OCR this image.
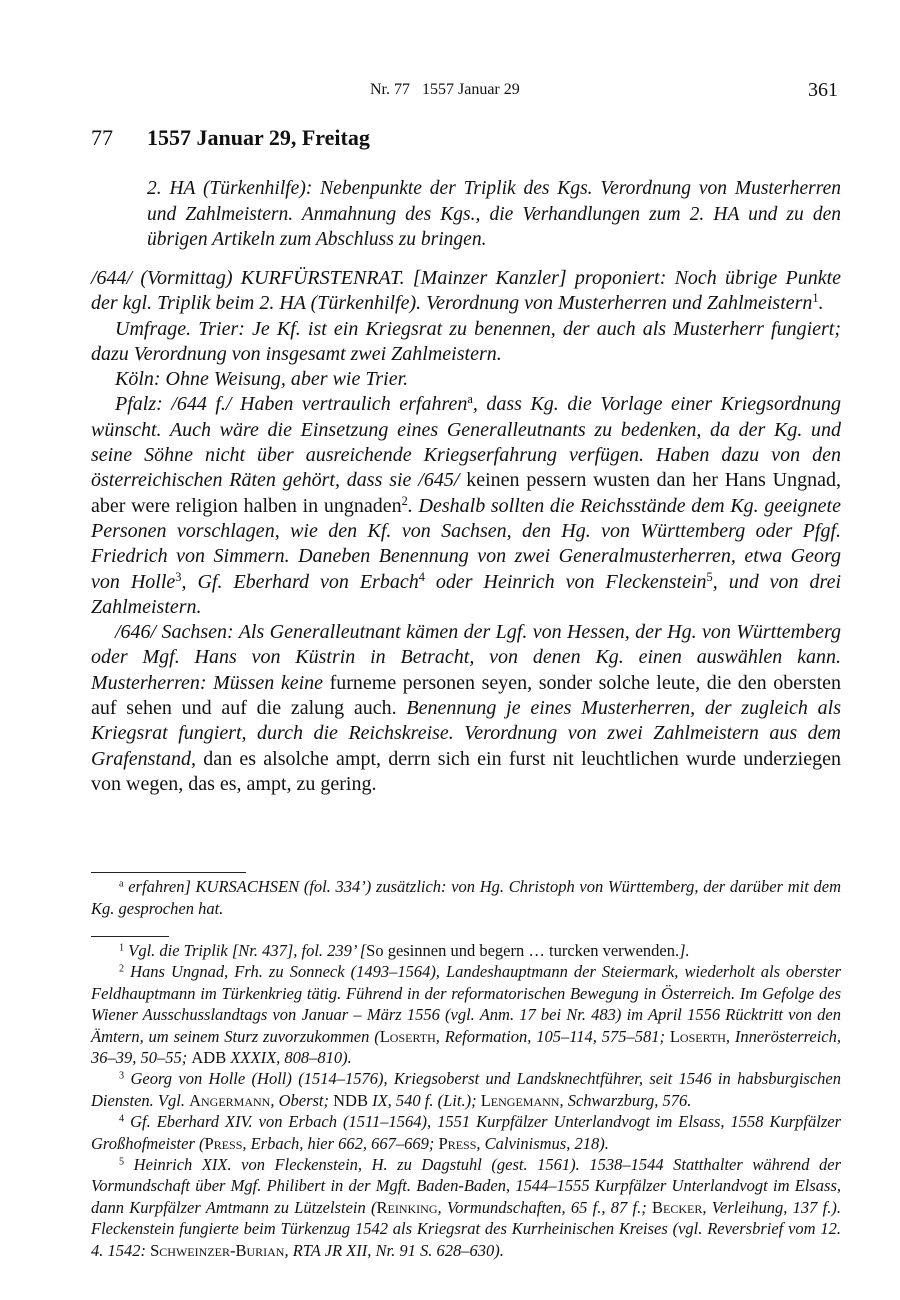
Nr. 77 1557 Januar 29	361
77 1557 Januar 29, Freitag
2. HA (Türkenhilfe): Nebenpunkte der Triplik des Kgs. Verordnung von Musterherren und Zahlmeistern. Anmahnung des Kgs., die Verhandlungen zum 2. HA und zu den übrigen Artikeln zum Abschluss zu bringen.

/644/ (Vormittag) KURFÜRSTENRAT. [Mainzer Kanzler] proponiert: Noch übrige Punkte der kgl. Triplik beim 2. HA (Türkenhilfe). Verordnung von Musterherren und Zahlmeistern$^1$.

Umfrage. Trier: Je Kf. ist ein Kriegsrat zu benennen, der auch als Musterherr fungiert; dazu Verordnung von insgesamt zwei Zahlmeistern.

Köln: Ohne Weisung, aber wie Trier.

Pfalz: /644 f./ Haben vertraulich erfahren$^a$, dass Kg. die Vorlage einer Kriegsordnung wünscht. Auch wäre die Einsetzung eines Generalleutnants zu bedenken, da der Kg. und seine Söhne nicht über ausreichende Kriegserfahrung verfügen. Haben dazu von den österreichischen Räten gehört, dass sie /645/ keinen pessern wusten dan her Hans Ungnad, aber were religion halben in ungnaden$^2$. Deshalb sollten die Reichsstände dem Kg. geeignete Personen vorschlagen, wie den Kf. von Sachsen, den Hg. von Württemberg oder Pfgf. Friedrich von Simmern. Daneben Benennung von zwei Generalmusterherren, etwa Georg von Holle$^3$, Gf. Eberhard von Erbach$^4$ oder Heinrich von Fleckenstein$^5$, und von drei Zahlmeistern.

/646/ Sachsen: Als Generalleutnant kämen der Lgf. von Hessen, der Hg. von Württemberg oder Mgf. Hans von Küstrin in Betracht, von denen Kg. einen auswählen kann. Musterherren: Müssen keine furneme personen seyen, sonder solche leute, die den obersten auf sehen und auf die zalung auch. Benennung je eines Musterherren, der zugleich als Kriegsrat fungiert, durch die Reichskreise. Verordnung von zwei Zahlmeistern aus dem Grafenstand, dan es alsolche ampt, derrn sich ein furst nit leuchtlichen wurde underziegen von wegen, das es, ampt, zu gering.

$^a$ erfahren] KURSACHSEN (fol. 334’) zusätzlich: von Hg. Christoph von Württemberg, der darüber mit dem Kg. gesprochen hat.

$^1$ Vgl. die Triplik [Nr. 437], fol. 239’ [So gesinnen und begern … turcken verwenden.].

$^2$ Hans Ungnad, Frh. zu Sonneck (1493–1564), Landeshauptmann der Steiermark, wiederholt als oberster Feldhauptmann im Türkenkrieg tätig. Führend in der reformatorischen Bewegung in Österreich. Im Gefolge des Wiener Ausschusslandtags von Januar – März 1556 (vgl. Anm. 17 bei Nr. 483) im April 1556 Rücktritt von den Ämtern, um seinem Sturz zuvorzukommen (Loserth, Reformation, 105–114, 575–581; Loserth, Innerösterreich, 36–39, 50–55; ADB XXXIX, 808–810).

$^3$ Georg von Holle (Holl) (1514–1576), Kriegsoberst und Landsknechtführer, seit 1546 in habsburgischen Diensten. Vgl. Angermann, Oberst; NDB IX, 540 f. (Lit.); Lengemann, Schwarzburg, 576.

$^4$ Gf. Eberhard XIV. von Erbach (1511–1564), 1551 Kurpfälzer Unterlandvogt im Elsass, 1558 Kurpfälzer Großhofmeister (Press, Erbach, hier 662, 667–669; Press, Calvinismus, 218).

$^5$ Heinrich XIX. von Fleckenstein, H. zu Dagstuhl (gest. 1561). 1538–1544 Statthalter während der Vormundschaft über Mgf. Philibert in der Mgft. Baden-Baden, 1544–1555 Kurpfälzer Unterlandvogt im Elsass, dann Kurpfälzer Amtmann zu Lützelstein (Reinking, Vormundschaften, 65 f., 87 f.; Becker, Verleihung, 137 f.). Fleckenstein fungierte beim Türkenzug 1542 als Kriegsrat des Kurrheinischen Kreises (vgl. Reversbrief vom 12. 4. 1542: Schweinzer-Burian, RTA JR XII, Nr. 91 S. 628–630).
